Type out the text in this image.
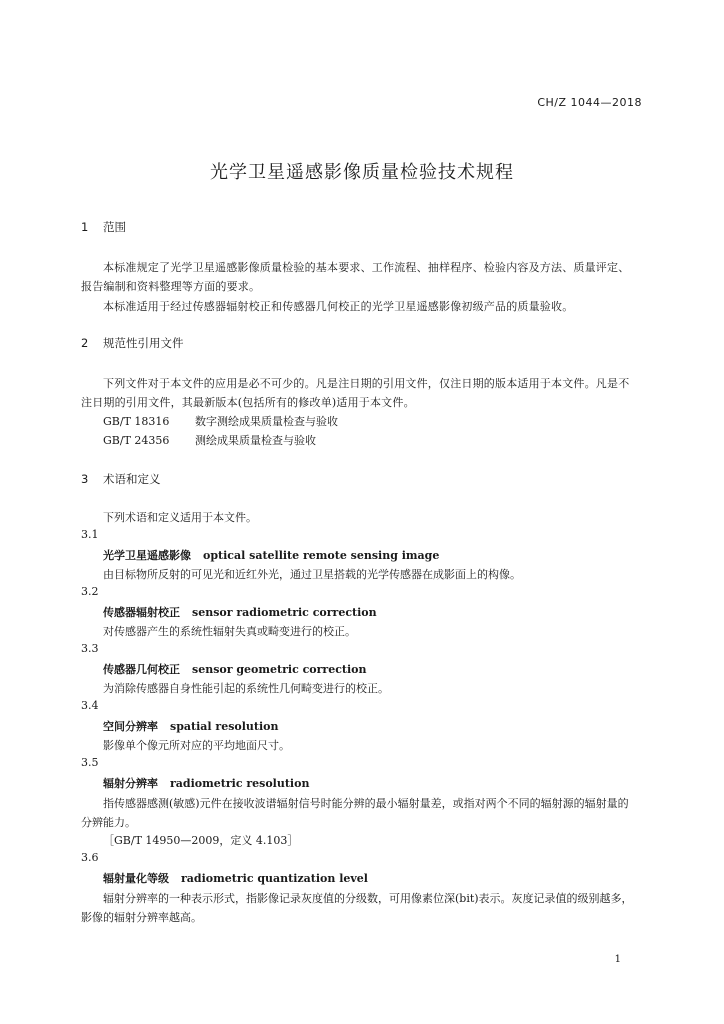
CH/Z 1044—2018
光学卫星遥感影像质量检验技术规程
1 范围
本标准规定了光学卫星遥感影像质量检验的基本要求、工作流程、抽样程序、检验内容及方法、质量评定、报告编制和资料整理等方面的要求。
本标准适用于经过传感器辐射校正和传感器几何校正的光学卫星遥感影像初级产品的质量验收。
2 规范性引用文件
下列文件对于本文件的应用是必不可少的。凡是注日期的引用文件，仅注日期的版本适用于本文件。凡是不注日期的引用文件，其最新版本(包括所有的修改单)适用于本文件。
GB/T 18316 数字测绘成果质量检查与验收
GB/T 24356 测绘成果质量检查与验收
3 术语和定义
下列术语和定义适用于本文件。
3.1
光学卫星遥感影像 optical satellite remote sensing image
由目标物所反射的可见光和近红外光，通过卫星搭载的光学传感器在成影面上的构像。
3.2
传感器辐射校正 sensor radiometric correction
对传感器产生的系统性辐射失真或畸变进行的校正。
3.3
传感器几何校正 sensor geometric correction
为消除传感器自身性能引起的系统性几何畸变进行的校正。
3.4
空间分辨率 spatial resolution
影像单个像元所对应的平均地面尺寸。
3.5
辐射分辨率 radiometric resolution
指传感器感测(敏感)元件在接收波谱辐射信号时能分辨的最小辐射量差，或指对两个不同的辐射源的辐射量的分辨能力。
［GB/T 14950—2009，定义 4.103］
3.6
辐射量化等级 radiometric quantization level
辐射分辨率的一种表示形式，指影像记录灰度值的分级数，可用像素位深(bit)表示。灰度记录值的级别越多，影像的辐射分辨率越高。
1
